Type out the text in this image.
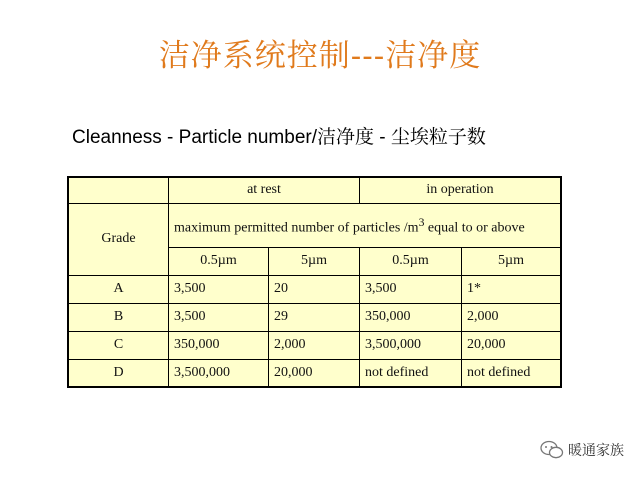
洁净系统控制---洁净度
Cleanness - Particle number/洁净度 - 尘埃粒子数
	at rest		in operation	
Grade	maximum permitted number of particles $/m^3$ equal to or above			
	0.5µm	5µm	0.5µm	5µm
A	3,500	20	3,500	1*
B	3,500	29	350,000	2,000
C	350,000	2,000	3,500,000	20,000
D	3,500,000	20,000	not defined	not defined
暖通家族
